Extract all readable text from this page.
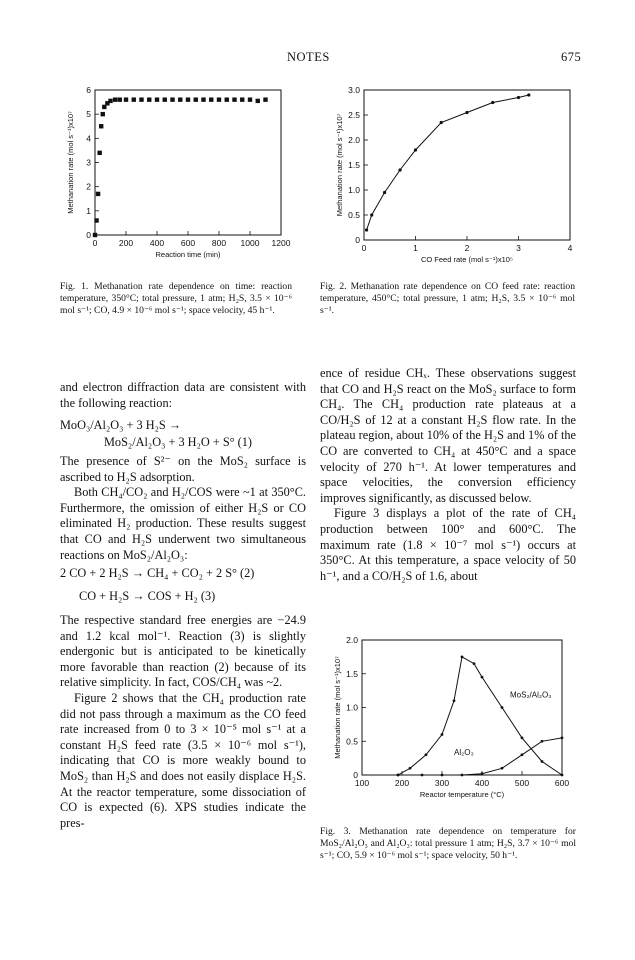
NOTES	675
0	200 400 600 800 1000 1200
0
1
2
3
4
5
6
Reaction time (min)
Methanation rate (mol s⁻¹)x10⁷
Fig. 1. Methanation rate dependence on time: reaction temperature, 350°C; total pressure, 1 atm; H₂S, 3.5 × 10⁻⁶ mol s⁻¹; CO, 4.9 × 10⁻⁶ mol s⁻¹; space velocity, 45 h⁻¹.
0	1	2	3	4
0
0.5
1.0
1.5
2.0
2.5
3.0
CO Feed rate (mol s⁻¹)x10⁵
Methanation rate (mol s⁻¹)x10⁷
Fig. 2. Methanation rate dependence on CO feed rate: reaction temperature, 450°C; total pressure, 1 atm; H₂S, 3.5 × 10⁻⁶ mol s⁻¹.

and electron diffraction data are consistent with the following reaction:

MoO₃/Al₂O₃ + 3 H₂S →
MoS₂/Al₂O₃ + 3 H₂O + S° (1)

The presence of S²⁻ on the MoS₂ surface is ascribed to H₂S adsorption.

Both CH₄/CO₂ and H₂/COS were ~1 at 350°C. Furthermore, the omission of either H₂S or CO eliminated H₂ production. These results suggest that CO and H₂S underwent two simultaneous reactions on MoS₂/Al₂O₃:

2 CO + 2 H₂S → CH₄ + CO₂ + 2 S° (2)
CO + H₂S → COS + H₂ (3)

The respective standard free energies are −24.9 and 1.2 kcal mol⁻¹. Reaction (3) is slightly endergonic but is anticipated to be kinetically more favorable than reaction (2) because of its relative simplicity. In fact, COS/CH₄ was ~2.

Figure 2 shows that the CH₄ production rate did not pass through a maximum as the CO feed rate increased from 0 to 3 × 10⁻⁵ mol s⁻¹ at a constant H₂S feed rate (3.5 × 10⁻⁶ mol s⁻¹), indicating that CO is more weakly bound to MoS₂ than H₂S and does not easily displace H₂S. At the reactor temperature, some dissociation of CO is expected (6). XPS studies indicate the pres-

ence of residue CHₓ. These observations suggest that CO and H₂S react on the MoS₂ surface to form CH₄. The CH₄ production rate plateaus at a CO/H₂S of 12 at a constant H₂S flow rate. In the plateau region, about 10% of the H₂S and 1% of the CO are converted to CH₄ at 450°C and a space velocity of 270 h⁻¹. At lower temperatures and space velocities, the conversion efficiency improves significantly, as discussed below.

Figure 3 displays a plot of the rate of CH₄ production between 100° and 600°C. The maximum rate (1.8 × 10⁻⁷ mol s⁻¹) occurs at 350°C. At this temperature, a space velocity of 50 h⁻¹, and a CO/H₂S of 1.6, about

100	200	300	400	500	600
0
0.5
1.0
1.5
2.0
Reactor temperature (°C)
Methanation rate (mol s⁻¹)x10⁷	MoS₂/Al₂O₃
Al₂O₃
Fig. 3. Methanation rate dependence on temperature for MoS₂/Al₂O₃ and Al₂O₃: total pressure 1 atm; H₂S, 3.7 × 10⁻⁶ mol s⁻¹; CO, 5.9 × 10⁻⁶ mol s⁻¹; space velocity, 50 h⁻¹.
